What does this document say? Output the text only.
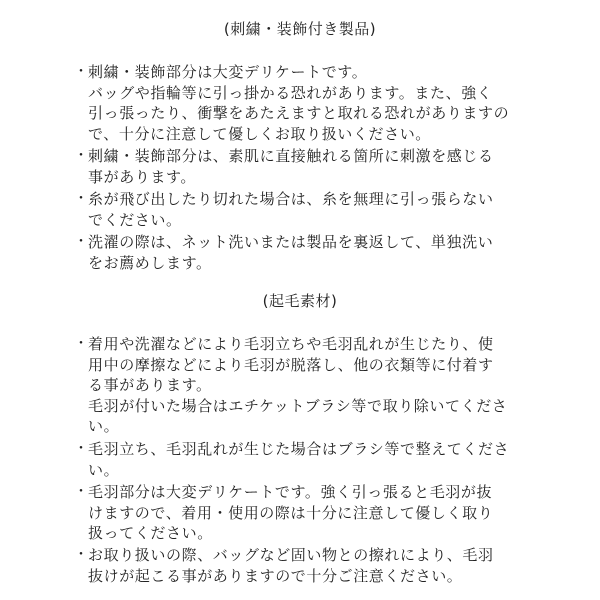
(刺繍・装飾付き製品)
・ 刺繍・装飾部分は大変デリケートです。
バッグや指輪等に引っ掛かる恐れがあります。また、強く
引っ張ったり、衝撃をあたえますと取れる恐れがありますの
で、十分に注意して優しくお取り扱いください。
・ 刺繍・装飾部分は、素肌に直接触れる箇所に刺激を感じる
事があります。
・ 糸が飛び出したり切れた場合は、糸を無理に引っ張らない
でください。
・ 洗濯の際は、ネット洗いまたは製品を裏返して、単独洗い
をお薦めします。
(起毛素材)
・ 着用や洗濯などにより毛羽立ちや毛羽乱れが生じたり、使
用中の摩擦などにより毛羽が脱落し、他の衣類等に付着す
る事があります。
毛羽が付いた場合はエチケットブラシ等で取り除いてくださ
い。
・ 毛羽立ち、毛羽乱れが生じた場合はブラシ等で整えてくださ
い。
・ 毛羽部分は大変デリケートです。強く引っ張ると毛羽が抜
けますので、着用・使用の際は十分に注意して優しく取り
扱ってください。
・ お取り扱いの際、バッグなど固い物との擦れにより、毛羽
抜けが起こる事がありますので十分ご注意ください。
